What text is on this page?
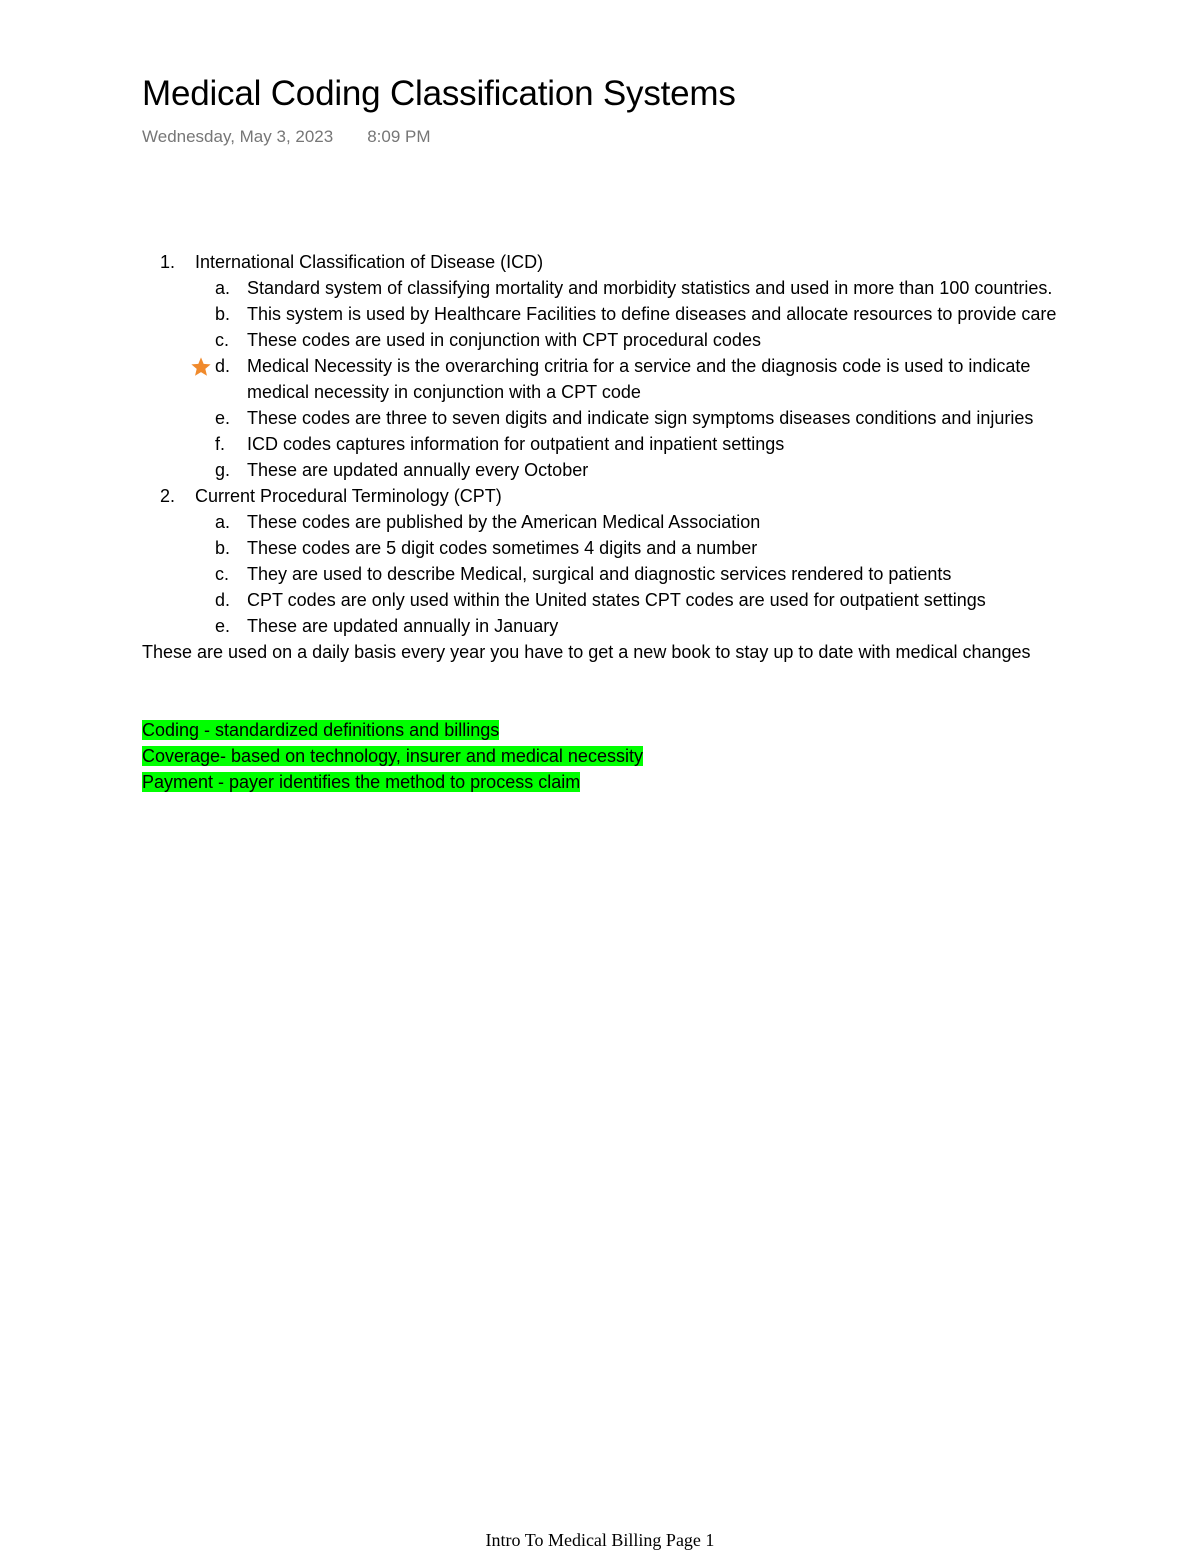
Medical Coding Classification Systems
Wednesday, May 3, 2023 8:09 PM
1. International Classification of Disease (ICD)
a. Standard system of classifying mortality and morbidity statistics and used in more than 100 countries.
b. This system is used by Healthcare Facilities to define diseases and allocate resources to provide care
c. These codes are used in conjunction with CPT procedural codes
d. Medical Necessity is the overarching critria for a service and the diagnosis code is used to indicate medical necessity in conjunction with a CPT code
e. These codes are three to seven digits and indicate sign symptoms diseases conditions and injuries
f. ICD codes captures information for outpatient and inpatient settings
g. These are updated annually every October
2. Current Procedural Terminology (CPT)
a. These codes are published by the American Medical Association
b. These codes are 5 digit codes sometimes 4 digits and a number
c. They are used to describe Medical, surgical and diagnostic services rendered to patients
d. CPT codes are only used within the United states CPT codes are used for outpatient settings
e. These are updated annually in January
These are used on a daily basis every year you have to get a new book to stay up to date with medical changes
Coding - standardized definitions and billings
Coverage- based on technology, insurer and medical necessity
Payment - payer identifies the method to process claim
Intro To Medical Billing Page 1
